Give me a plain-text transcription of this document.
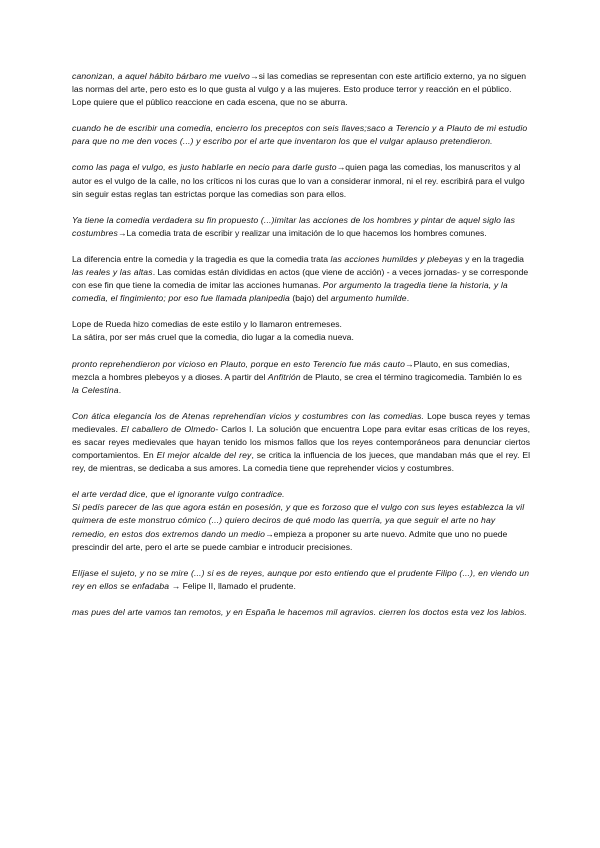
canonizan, a aquel hábito bárbaro me vuelvo→si las comedias se representan con este artificio externo, ya no siguen las normas del arte, pero esto es lo que gusta al vulgo y a las mujeres. Esto produce terror y reacción en el público. Lope quiere que el público reaccione en cada escena, que no se aburra.

cuando he de escribir una comedia, encierro los preceptos con seis llaves;saco a Terencio y a Plauto de mi estudio para que no me den voces (...) y escribo por el arte que inventaron los que el vulgar aplauso pretendieron.

como las paga el vulgo, es justo hablarle en necio para darle gusto→quien paga las comedias, los manuscritos y al autor es el vulgo de la calle, no los críticos ni los curas que lo van a considerar inmoral, ni el rey. escribirá para el vulgo sin seguir estas reglas tan estrictas porque las comedias son para ellos.

Ya tiene la comedia verdadera su fin propuesto (...)imitar las acciones de los hombres y pintar de aquel siglo las costumbres→La comedia trata de escribir y realizar una imitación de lo que hacemos los hombres comunes.

La diferencia entre la comedia y la tragedia es que la comedia trata las acciones humildes y plebeyas y en la tragedia las reales y las altas. Las comidas están divididas en actos (que viene de acción) - a veces jornadas- y se corresponde con ese fin que tiene la comedia de imitar las acciones humanas. Por argumento la tragedia tiene la historia, y la comedia, el fingimiento; por eso fue llamada planipedia (bajo) del argumento humilde.

Lope de Rueda hizo comedias de este estilo y lo llamaron entremeses.
La sátira, por ser más cruel que la comedia, dio lugar a la comedia nueva.

pronto reprehendieron por vicioso en Plauto, porque en esto Terencio fue más cauto→Plauto, en sus comedias, mezcla a hombres plebeyos y a dioses. A partir del Anfitrión de Plauto, se crea el término tragicomedia. También lo es la Celestina.

Con ática elegancia los de Atenas reprehendían vicios y costumbres con las comedias. Lope busca reyes y temas medievales. El caballero de Olmedo- Carlos I. La solución que encuentra Lope para evitar esas críticas de los reyes, es sacar reyes medievales que hayan tenido los mismos fallos que los reyes contemporáneos para denunciar ciertos comportamientos. En El mejor alcalde del rey, se critica la influencia de los jueces, que mandaban más que el rey. El rey, de mientras, se dedicaba a sus amores. La comedia tiene que reprehender vicios y costumbres.

el arte verdad dice, que el ignorante vulgo contradice.

Si pedís parecer de las que agora están en posesión, y que es forzoso que el vulgo con sus leyes establezca la vil quimera de este monstruo cómico (...) quiero deciros de qué modo las querría, ya que seguir el arte no hay remedio, en estos dos extremos dando un medio→empieza a proponer su arte nuevo. Admite que uno no puede prescindir del arte, pero el arte se puede cambiar e introducir precisiones.

Elíjase el sujeto, y no se mire (...) si es de reyes, aunque por esto entiendo que el prudente Filipo (...), en viendo un rey en ellos se enfadaba → Felipe II, llamado el prudente.

mas pues del arte vamos tan remotos, y en España le hacemos mil agravios. cierren los doctos esta vez los labios.
